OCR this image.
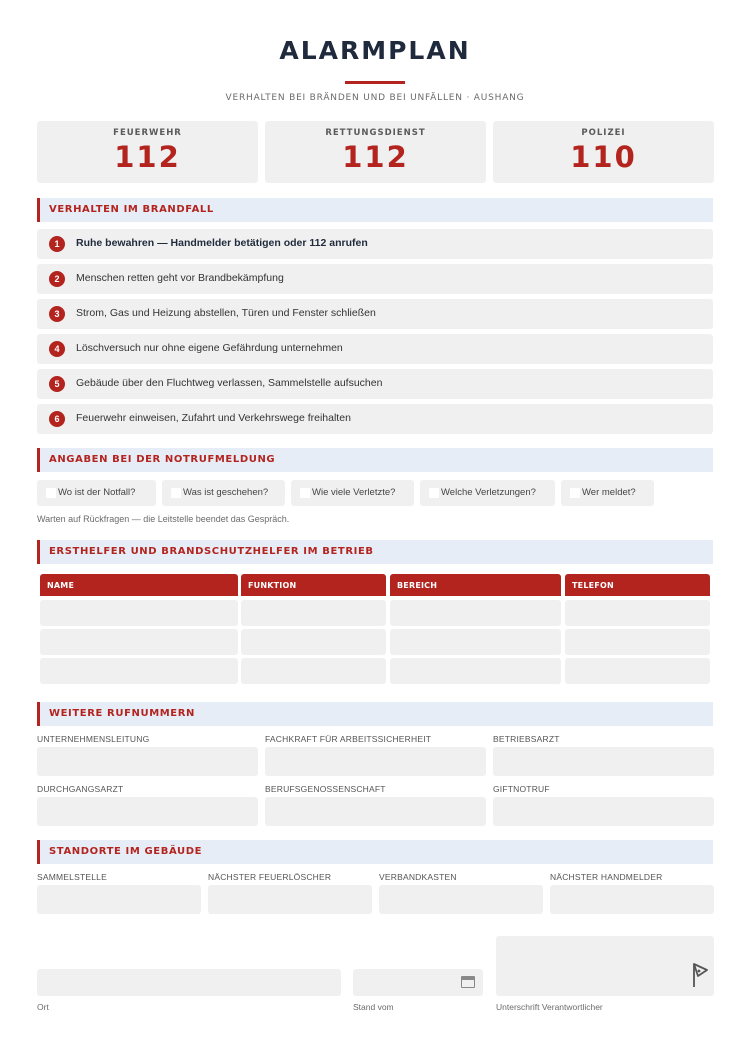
ALARMPLAN
VERHALTEN BEI BRÄNDEN UND BEI UNFÄLLEN · AUSHANG
FEUERWEHR
112
RETTUNGSDIENST
112
POLIZEI
110
VERHALTEN IM BRANDFALL
1	Ruhe bewahren — Handmelder betätigen oder 112 anrufen
2	Menschen retten geht vor Brandbekämpfung
3	Strom, Gas und Heizung abstellen, Türen und Fenster schließen
4	Löschversuch nur ohne eigene Gefährdung unternehmen
5	Gebäude über den Fluchtweg verlassen, Sammelstelle aufsuchen
6	Feuerwehr einweisen, Zufahrt und Verkehrswege freihalten
ANGABEN BEI DER NOTRUFMELDUNG
Wo ist der Notfall?	Was ist geschehen?	Wie viele Verletzte?	Welche Verletzungen?	Wer meldet?
Warten auf Rückfragen — die Leitstelle beendet das Gespräch.
ERSTHELFER UND BRANDSCHUTZHELFER IM BETRIEB
NAME	FUNKTION	BEREICH	TELEFON
WEITERE RUFNUMMERN
UNTERNEHMENSLEITUNG	FACHKRAFT FÜR ARBEITSSICHERHEIT	BETRIEBSARZT
DURCHGANGSARZT	BERUFSGENOSSENSCHAFT	GIFTNOTRUF
STANDORTE IM GEBÄUDE
SAMMELSTELLE	NÄCHSTER FEUERLÖSCHER	VERBANDKASTEN	NÄCHSTER HANDMELDER
Ort	Stand vom	Unterschrift Verantwortlicher
